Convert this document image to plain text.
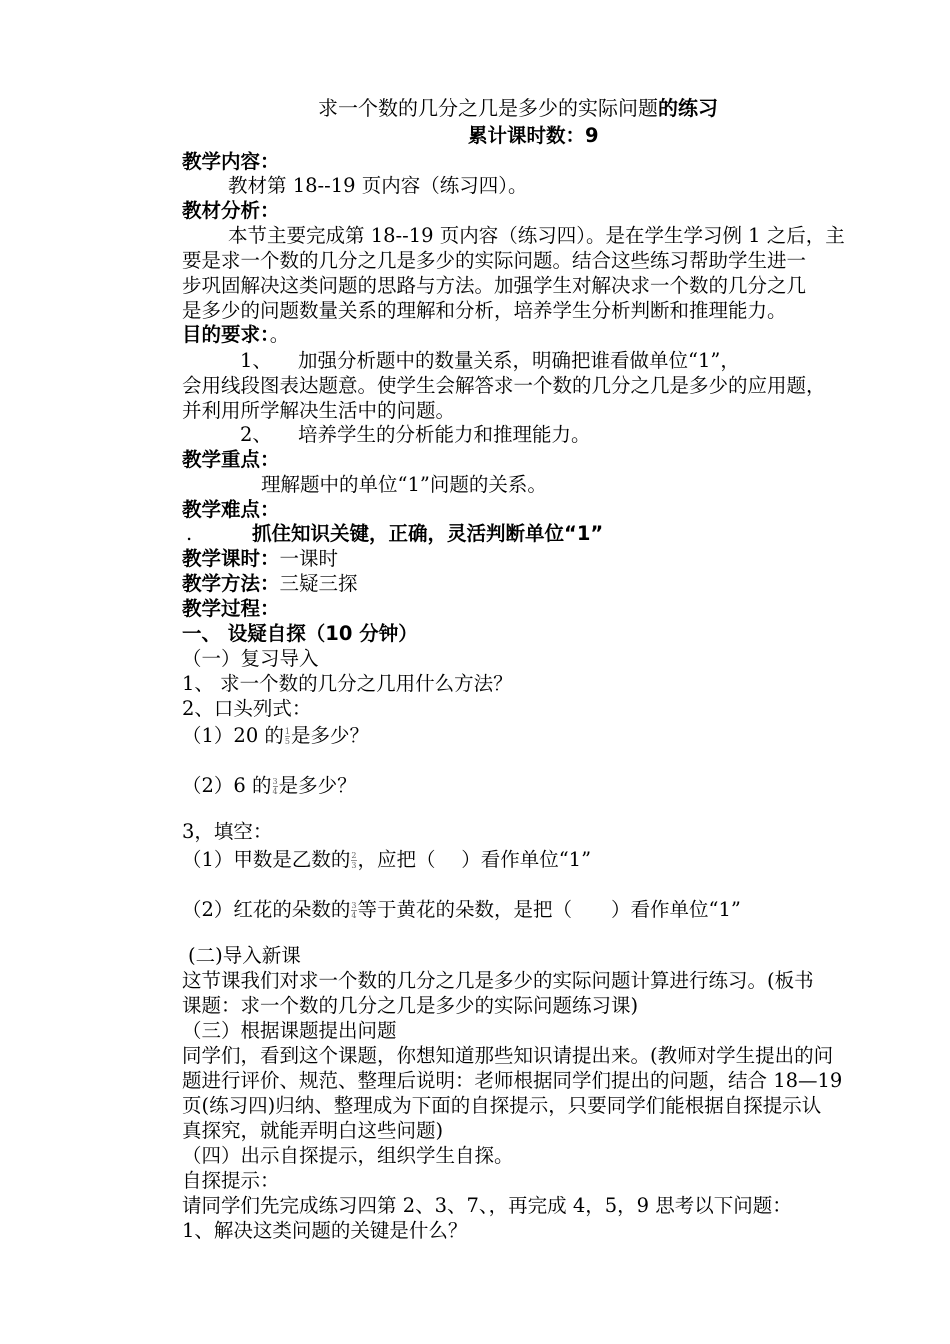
求一个数的几分之几是多少的实际问题的练习
累计课时数：9
教学内容：
教材第 18--19 页内容（练习四）。
教材分析：
本节主要完成第 18--19 页内容（练习四）。是在学生学习例 1 之后，主
要是求一个数的几分之几是多少的实际问题。结合这些练习帮助学生进一
步巩固解决这类问题的思路与方法。加强学生对解决求一个数的几分之几
是多少的问题数量关系的理解和分析，培养学生分析判断和推理能力。
目的要求：。
1、 加强分析题中的数量关系，明确把谁看做单位“1”，
会用线段图表达题意。使学生会解答求一个数的几分之几是多少的应用题，
并利用所学解决生活中的问题。
2、 培养学生的分析能力和推理能力。
教学重点：
理解题中的单位“1”问题的关系。
教学难点：
.	抓住知识关键，正确，灵活判断单位“1”
教学课时：一课时
教学方法：三疑三探
教学过程：
一、 设疑自探（10 分钟）
（一）复习导入
1、 求一个数的几分之几用什么方法？
2、口头列式：
（1）20 的 $\frac{1}{5}$ 是多少？
（2）6 的 $\frac{3}{4}$ 是多少？
3，填空：
（1）甲数是乙数的 $\frac{2}{3}$ ，应把（　 ）看作单位“1”
（2）红花的朵数的 $\frac{3}{4}$ 等于黄花的朵数，是把（　　）看作单位“1”
(二)导入新课
这节课我们对求一个数的几分之几是多少的实际问题计算进行练习。(板书
课题：求一个数的几分之几是多少的实际问题练习课)
（三）根据课题提出问题
同学们，看到这个课题，你想知道那些知识请提出来。(教师对学生提出的问
题进行评价、规范、整理后说明：老师根据同学们提出的问题，结合 18—19
页(练习四)归纳、整理成为下面的自探提示，只要同学们能根据自探提示认
真探究，就能弄明白这些问题)
（四）出示自探提示，组织学生自探。
自探提示：
请同学们先完成练习四第 2、3、7、，再完成 4，5，9 思考以下问题：
1、解决这类问题的关键是什么？
